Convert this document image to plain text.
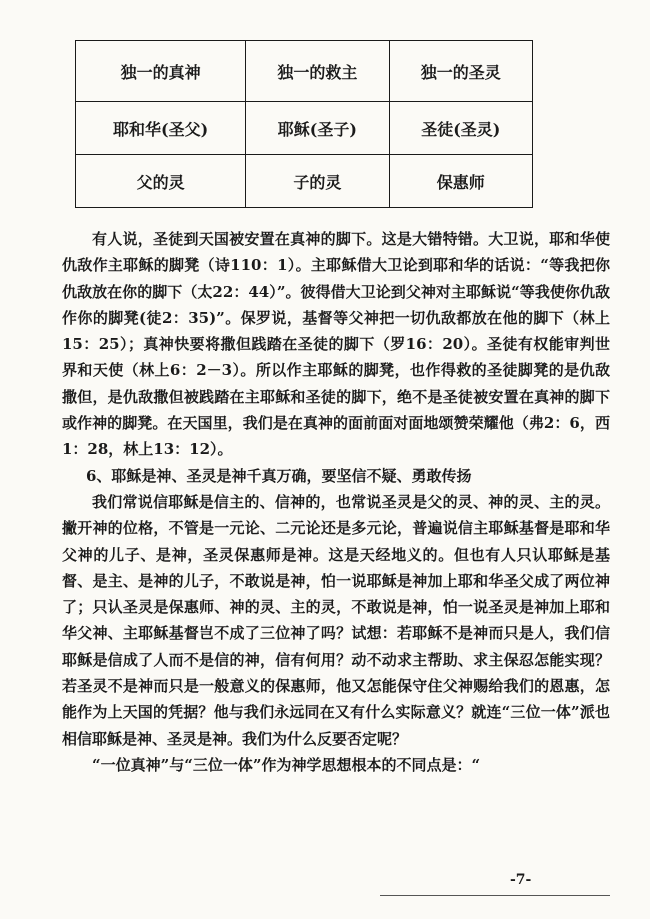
独一的真神	独一的救主	独一的圣灵
耶和华(圣父)	耶稣(圣子)	圣徒(圣灵)
父的灵	子的灵	保惠师

有人说，圣徒到天国被安置在真神的脚下。这是大错特错。大卫说，耶和华使仇敌作主耶稣的脚凳（诗110：1）。主耶稣借大卫论到耶和华的话说：“等我把你仇敌放在你的脚下（太22：44）”。彼得借大卫论到父神对主耶稣说“等我使你仇敌作你的脚凳(徒2：35)”。保罗说，基督等父神把一切仇敌都放在他的脚下（林上15：25）；真神快要将撒但践踏在圣徒的脚下（罗16：20）。圣徒有权能审判世界和天使（林上6：2－3）。所以作主耶稣的脚凳，也作得救的圣徒脚凳的是仇敌撒但，是仇敌撒但被践踏在主耶稣和圣徒的脚下，绝不是圣徒被安置在真神的脚下或作神的脚凳。在天国里，我们是在真神的面前面对面地颂赞荣耀他（弗2：6，西1：28，林上13：12）。

6、耶稣是神、圣灵是神千真万确，要坚信不疑、勇敢传扬

我们常说信耶稣是信主的、信神的，也常说圣灵是父的灵、神的灵、主的灵。撇开神的位格，不管是一元论、二元论还是多元论，普遍说信主耶稣基督是耶和华父神的儿子、是神，圣灵保惠师是神。这是天经地义的。但也有人只认耶稣是基督、是主、是神的儿子，不敢说是神，怕一说耶稣是神加上耶和华圣父成了两位神了；只认圣灵是保惠师、神的灵、主的灵，不敢说是神，怕一说圣灵是神加上耶和华父神、主耶稣基督岂不成了三位神了吗？试想：若耶稣不是神而只是人，我们信耶稣是信成了人而不是信的神，信有何用？动不动求主帮助、求主保忍怎能实现？若圣灵不是神而只是一般意义的保惠师，他又怎能保守住父神赐给我们的恩惠，怎能作为上天国的凭据？他与我们永远同在又有什么实际意义？就连“三位一体”派也相信耶稣是神、圣灵是神。我们为什么反要否定呢？

“一位真神”与“三位一体”作为神学思想根本的不同点是：“

-7-
